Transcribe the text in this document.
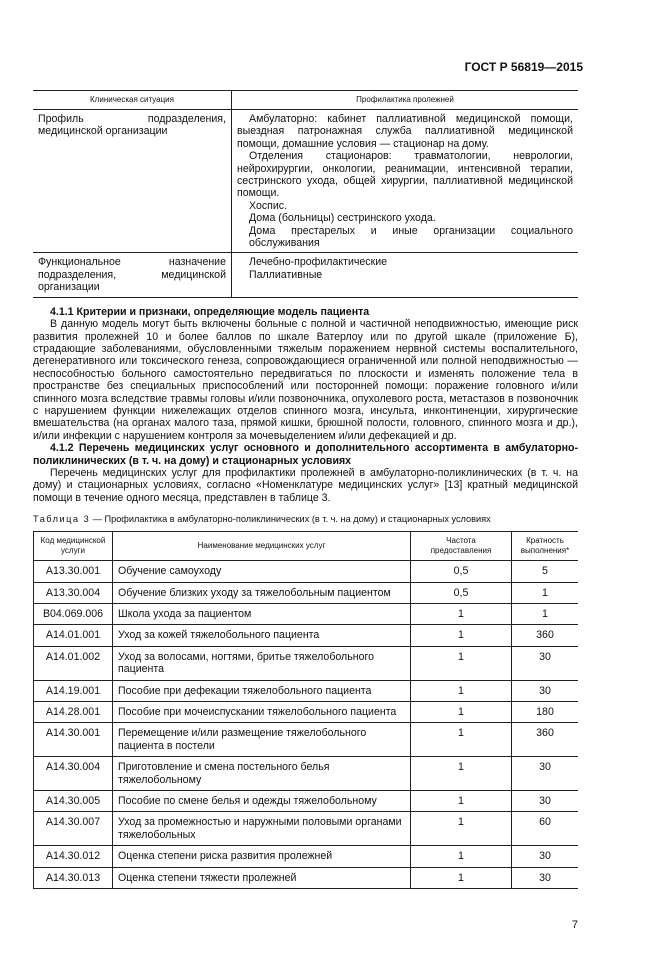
ГОСТ Р 56819—2015
Клиническая ситуация	Профилактика пролежней
Профиль подразделения, медицинской организации	Амбулаторно: кабинет паллиативной медицинской помощи, выездная патронажная служба паллиативной медицинской помощи, домашние условия — стационар на дому.

Отделения стационаров: травматологии, неврологии, нейрохирургии, онкологии, реанимации, интенсивной терапии, сестринского ухода, общей хирургии, паллиативной медицинской помощи.

Хоспис.

Дома (больницы) сестринского ухода.

Дома престарелых и иные организации социального обслуживания

Функциональное назначение подразделения, медицинской организации	Лечебно-профилактические

Паллиативные

4.1.1 Критерии и признаки, определяющие модель пациента

В данную модель могут быть включены больные с полной и частичной неподвижностью, имеющие риск развития пролежней 10 и более баллов по шкале Ватерлоу или по другой шкале (приложение Б), страдающие заболеваниями, обусловленными тяжелым поражением нервной системы воспалительного, дегенеративного или токсического генеза, сопровождающиеся ограниченной или полной неподвижностью — неспособностью больного самостоятельно передвигаться по плоскости и изменять положение тела в пространстве без специальных приспособлений или посторонней помощи: поражение головного и/или спинного мозга вследствие травмы головы и/или позвоночника, опухолевого роста, метастазов в позвоночник с нарушением функции нижележащих отделов спинного мозга, инсульта, инконтиненции, хирургические вмешательства (на органах малого таза, прямой кишки, брюшной полости, головного, спинного мозга и др.), и/или инфекции с нарушением контроля за мочевыделением и/или дефекацией и др.

4.1.2 Перечень медицинских услуг основного и дополнительного ассортимента в амбулаторно-поликлинических (в т. ч. на дому) и стационарных условиях

Перечень медицинских услуг для профилактики пролежней в амбулаторно-поликлинических (в т. ч. на дому) и стационарных условиях, согласно «Номенклатуре медицинских услуг» [13] кратный медицинской помощи в течение одного месяца, представлен в таблице 3.

Таблица 3 — Профилактика в амбулаторно-поликлинических (в т. ч. на дому) и стационарных условиях
Код медицинской услуги	Наименование медицинских услуг	Частота предоставления	Кратность выполнения*
A13.30.001	Обучение самоуходу	0,5	5
A13.30.004	Обучение близких уходу за тяжелобольным пациентом	0,5	1
B04.069.006	Школа ухода за пациентом	1	1
A14.01.001	Уход за кожей тяжелобольного пациента	1	360
A14.01.002	Уход за волосами, ногтями, бритье тяжелобольного пациента	1	30
A14.19.001	Пособие при дефекации тяжелобольного пациента	1	30
A14.28.001	Пособие при мочеиспускании тяжелобольного пациента	1	180
A14.30.001	Перемещение и/или размещение тяжелобольного пациента в постели	1	360
A14.30.004	Приготовление и смена постельного белья тяжелобольному	1	30
A14.30.005	Пособие по смене белья и одежды тяжелобольному	1	30
A14.30.007	Уход за промежностью и наружными половыми органами тяжелобольных	1	60
A14.30.012	Оценка степени риска развития пролежней	1	30
A14.30.013	Оценка степени тяжести пролежней	1	30
7
